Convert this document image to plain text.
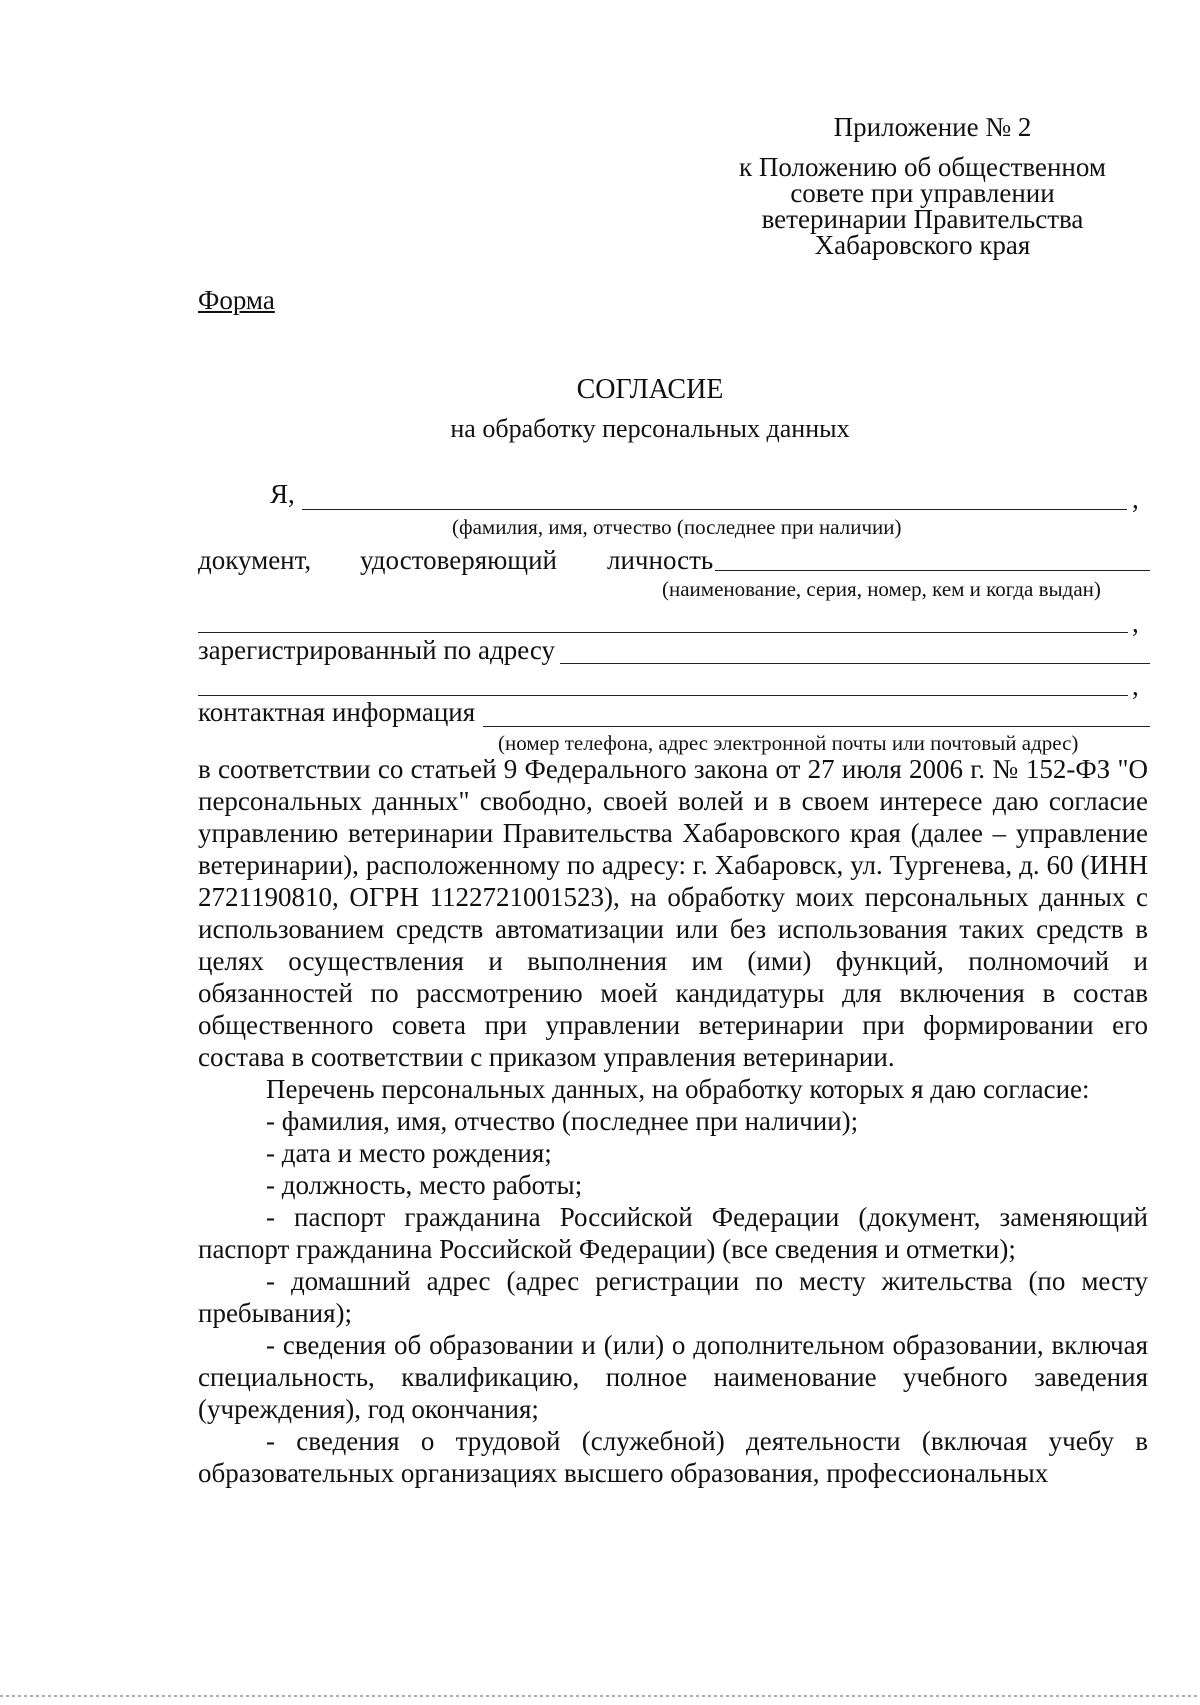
Приложение № 2
к Положению об общественном
совете при управлении
ветеринарии Правительства
Хабаровского края
Форма
СОГЛАСИЕ
на обработку персональных данных
Я,	,
(фамилия, имя, отчество (последнее при наличии)
документ, удостоверяющий личность
(наименование, серия, номер, кем и когда выдан)
,
зарегистрированный по адресу
,
контактная информация
(номер телефона, адрес электронной почты или почтовый адрес)

в соответствии со статьей 9 Федерального закона от 27 июля 2006 г. № 152-ФЗ "О персональных данных" свободно, своей волей и в своем интересе даю согласие управлению ветеринарии Правительства Хабаровского края (далее – управление ветеринарии), расположенному по адресу: г. Хабаровск, ул. Тургенева, д. 60 (ИНН 2721190810, ОГРН 1122721001523), на обработку моих персональных данных с использованием средств автоматизации или без использования таких средств в целях осуществления и выполнения им (ими) функций, полномочий и обязанностей по рассмотрению моей кандидатуры для включения в состав общественного совета при управлении ветеринарии при формировании его состава в соответствии с приказом управления ветеринарии.

Перечень персональных данных, на обработку которых я даю согласие:

- фамилия, имя, отчество (последнее при наличии);

- дата и место рождения;

- должность, место работы;

- паспорт гражданина Российской Федерации (документ, заменяющий паспорт гражданина Российской Федерации) (все сведения и отметки);

- домашний адрес (адрес регистрации по месту жительства (по месту пребывания);

- сведения об образовании и (или) о дополнительном образовании, включая специальность, квалификацию, полное наименование учебного заведения (учреждения), год окончания;

- сведения о трудовой (служебной) деятельности (включая учебу в образовательных организациях высшего образования, профессиональных
